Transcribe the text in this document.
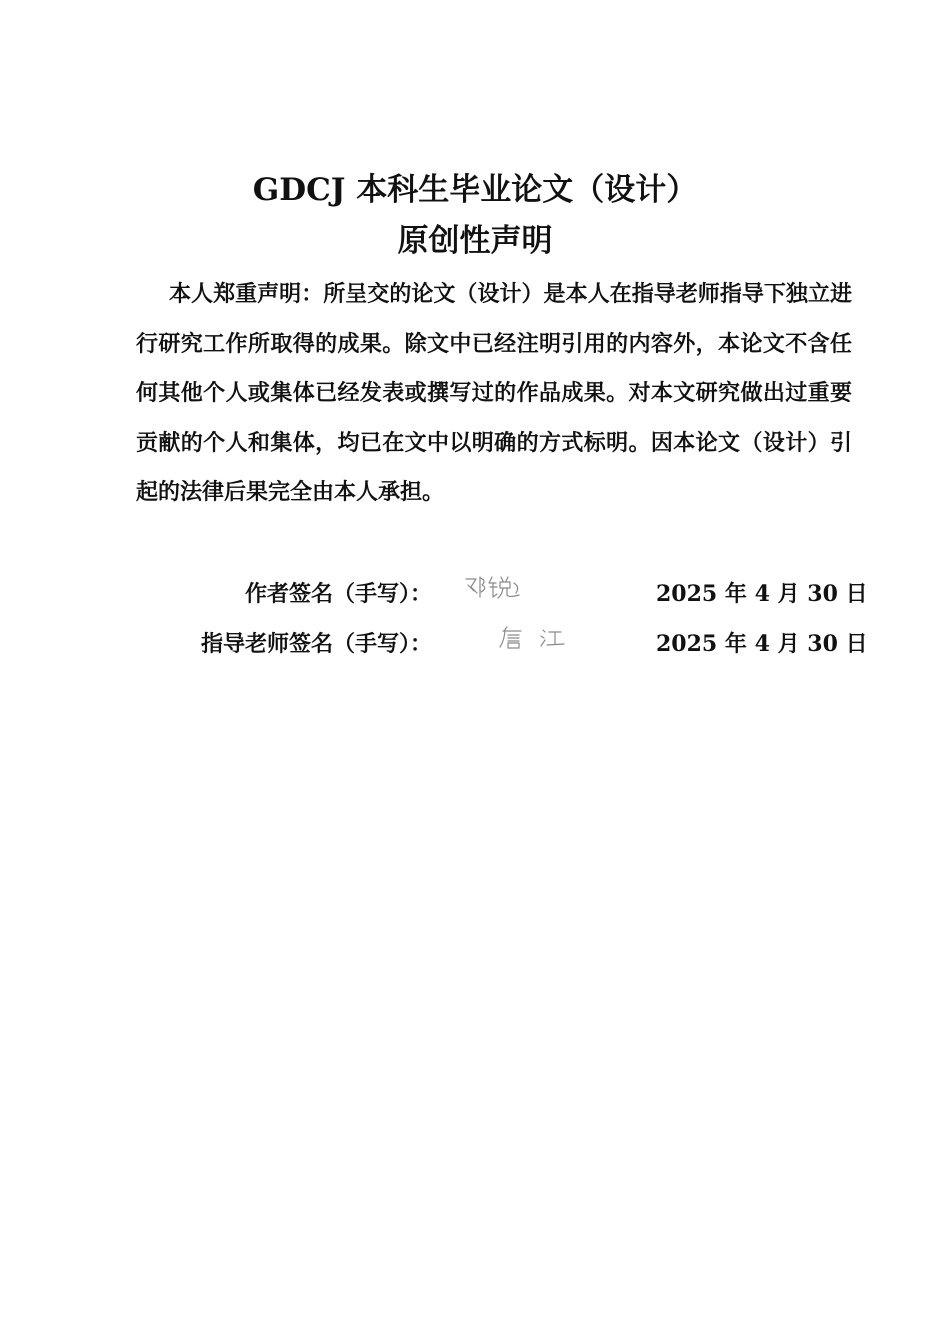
GDCJ 本科生毕业论文（设计）
原创性声明

本人郑重声明：所呈交的论文（设计）是本人在指导老师指导下独立进行研究工作所取得的成果。除文中已经注明引用的内容外，本论文不含任何其他个人或集体已经发表或撰写过的作品成果。对本文研究做出过重要贡献的个人和集体，均已在文中以明确的方式标明。因本论文（设计）引起的法律后果完全由本人承担。

作者签名（手写）：	2025 年 4 月 30 日
指导老师签名（手写）：	2025 年 4 月 30 日
